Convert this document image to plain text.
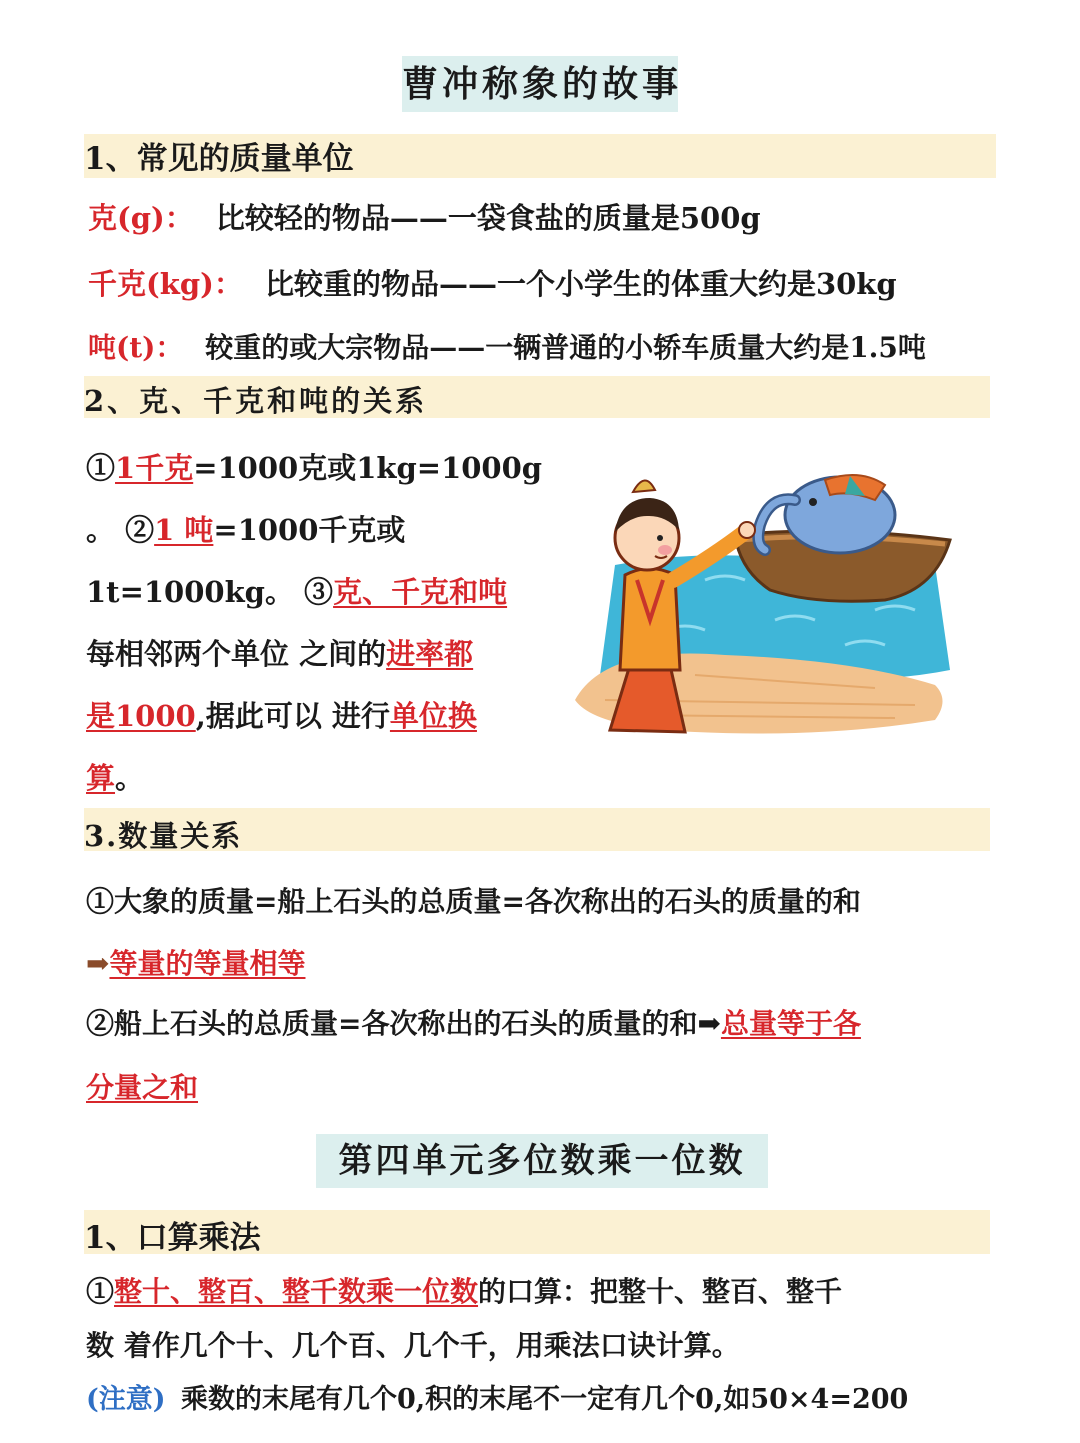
曹冲称象的故事
1、常见的质量单位
克(g)： 比较轻的物品——一袋食盐的质量是500g
千克(kg)： 比较重的物品——一个小学生的体重大约是30kg
吨(t)： 较重的或大宗物品——一辆普通的小轿车质量大约是1.5吨
2、克、千克和吨的关系
①1千克=1000克或1kg=1000g
。 ②1 吨=1000千克或
1t=1000kg。 ③克、千克和吨
每相邻两个单位 之间的进率都
是1000,据此可以 进行单位换
算。
3.数量关系
①大象的质量=船上石头的总质量=各次称出的石头的质量的和
➡等量的等量相等
②船上石头的总质量=各次称出的石头的质量的和➡总量等于各
分量之和
第四单元多位数乘一位数
1、口算乘法
①整十、整百、整千数乘一位数的口算：把整十、整百、整千
数 着作几个十、几个百、几个千，用乘法口诀计算。
(注意) 乘数的末尾有几个0,积的末尾不一定有几个0,如50×4=200
